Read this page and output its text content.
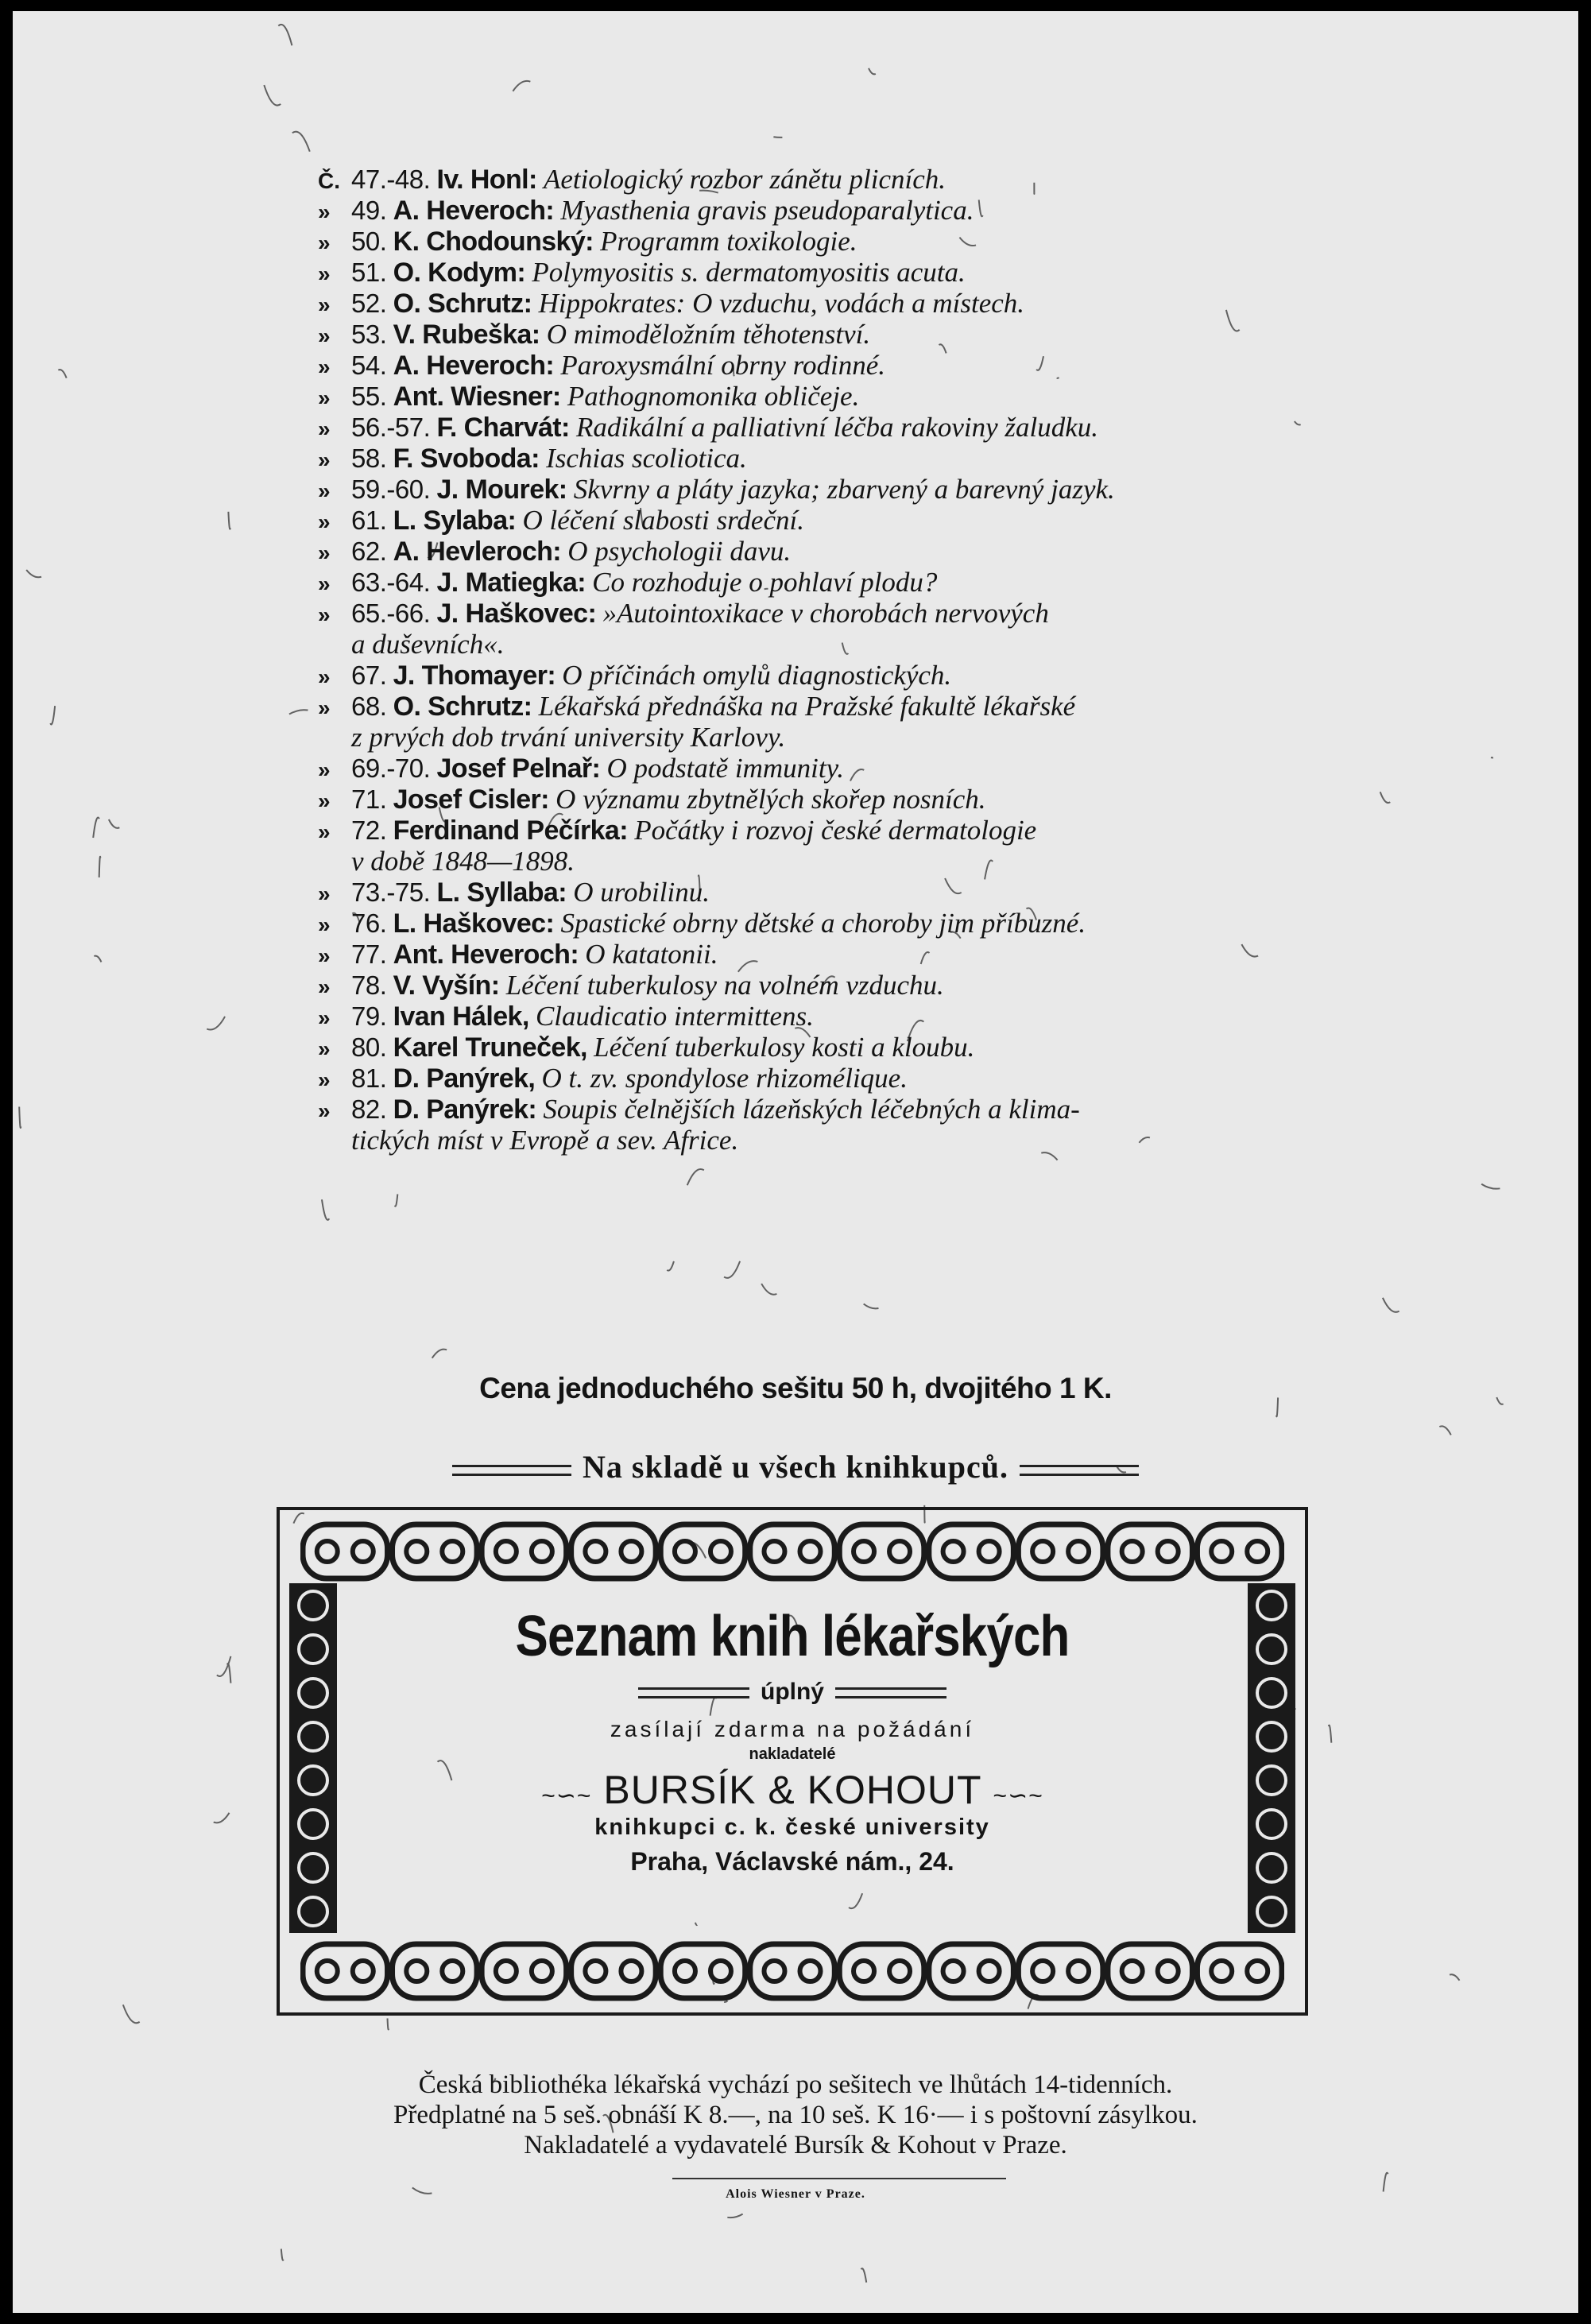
Č. 47.-48. Iv. Honl: Aetiologický rozbor zánětu plicních.
» 49. A. Heveroch: Myasthenia gravis pseudoparalytica.
» 50. K. Chodounský: Programm toxikologie.
» 51. O. Kodym: Polymyositis s. dermatomyositis acuta.
» 52. O. Schrutz: Hippokrates: O vzduchu, vodách a místech.
» 53. V. Rubeška: O mimoděložním těhotenství.
» 54. A. Heveroch: Paroxysmální obrny rodinné.
» 55. Ant. Wiesner: Pathognomonika obličeje.
» 56.-57. F. Charvát: Radikální a palliativní léčba rakoviny žaludku.
» 58. F. Svoboda: Ischias scoliotica.
» 59.-60. J. Mourek: Skvrny a pláty jazyka; zbarvený a barevný jazyk.
» 61. L. Sylaba: O léčení slabosti srdeční.
» 62. A. Hevleroch: O psychologii davu.
» 63.-64. J. Matiegka: Co rozhoduje o pohlaví plodu?
» 65.-66. J. Haškovec: »Autointoxikace v chorobách nervových
a duševních«.
» 67. J. Thomayer: O příčinách omylů diagnostických.
» 68. O. Schrutz: Lékařská přednáška na Pražské fakultě lékařské
z prvých dob trvání university Karlovy.
» 69.-70. Josef Pelnař: O podstatě immunity.
» 71. Josef Cisler: O významu zbytnělých skořep nosních.
» 72. Ferdinand Pečírka: Počátky i rozvoj české dermatologie
v době 1848—1898.
» 73.-75. L. Syllaba: O urobilinu.
» 76. L. Haškovec: Spastické obrny dětské a choroby jim příbuzné.
» 77. Ant. Heveroch: O katatonii.
» 78. V. Vyšín: Léčení tuberkulosy na volném vzduchu.
» 79. Ivan Hálek, Claudicatio intermittens.
» 80. Karel Truneček, Léčení tuberkulosy kosti a kloubu.
» 81. D. Panýrek, O t. zv. spondylose rhizomélique.
» 82. D. Panýrek: Soupis čelnějších lázeňských léčebných a klima-
tických míst v Evropě a sev. Africe.
Cena jednoduchého sešitu 50 h, dvojitého 1 K.
Na skladě u všech knihkupců.
Seznam knih lékařských
úplný
zasílají zdarma na požádání
nakladatelé
~∽~ BURSÍK & KOHOUT ~∽~
knihkupci c. k. české university
Praha, Václavské nám., 24.
Česká bibliothéka lékařská vychází po sešitech ve lhůtách 14-tidenních.
Předplatné na 5 seš. obnáší K 8.—, na 10 seš. K 16·— i s poštovní zásylkou.
Nakladatelé a vydavatelé Bursík & Kohout v Praze.
Alois Wiesner v Praze.
